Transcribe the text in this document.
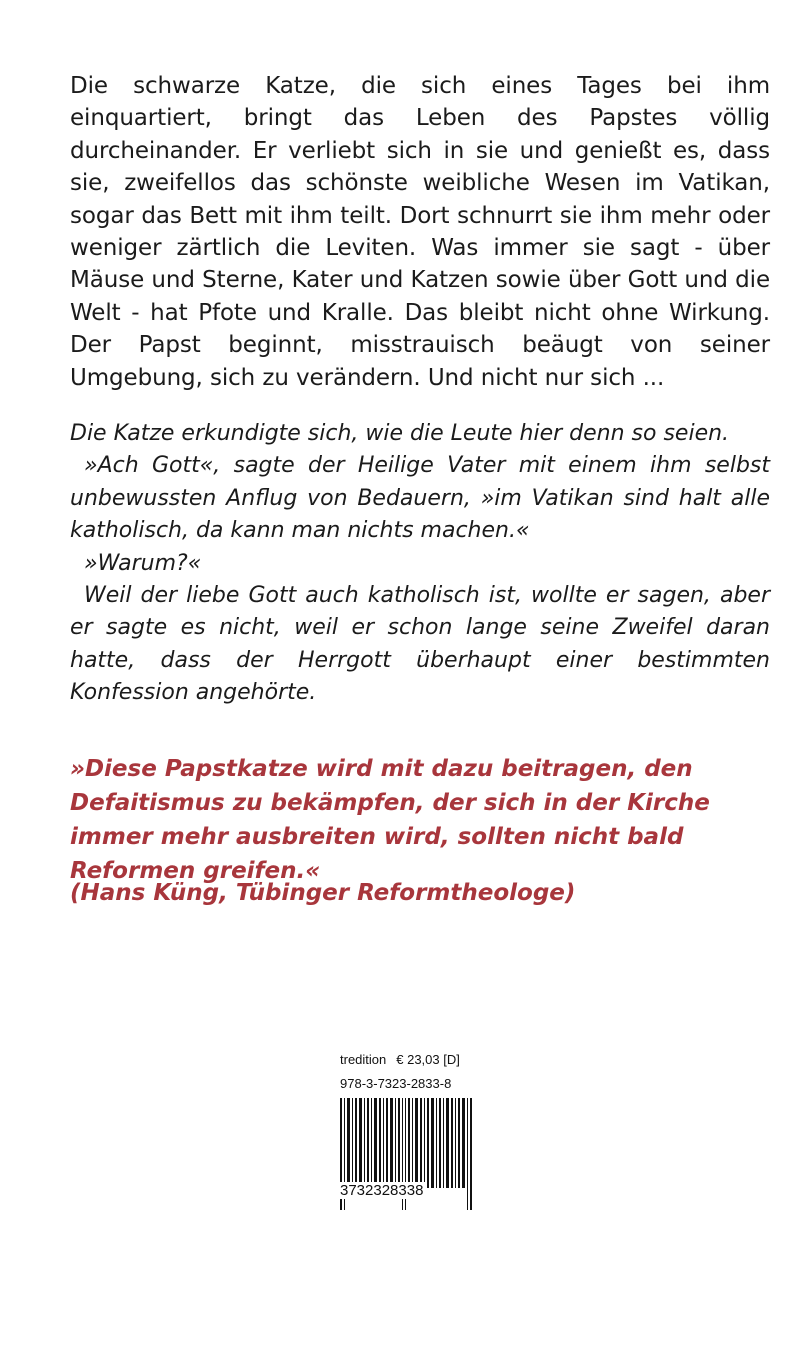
Die schwarze Katze, die sich eines Tages bei ihm einquartiert, bringt das Leben des Papstes völlig durcheinander. Er verliebt sich in sie und genießt es, dass sie, zweifellos das schönste weibliche Wesen im Vatikan, sogar das Bett mit ihm teilt. Dort schnurrt sie ihm mehr oder weniger zärtlich die Leviten. Was immer sie sagt - über Mäuse und Sterne, Kater und Katzen sowie über Gott und die Welt - hat Pfote und Kralle. Das bleibt nicht ohne Wirkung. Der Papst beginnt, misstrauisch beäugt von seiner Umgebung, sich zu verändern. Und nicht nur sich ...

Die Katze erkundigte sich, wie die Leute hier denn so seien.

»Ach Gott«, sagte der Heilige Vater mit einem ihm selbst unbewussten Anflug von Bedauern, »im Vatikan sind halt alle katholisch, da kann man nichts machen.«

»Warum?«

Weil der liebe Gott auch katholisch ist, wollte er sagen, aber er sagte es nicht, weil er schon lange seine Zweifel daran hatte, dass der Herrgott überhaupt einer bestimmten Konfession angehörte.

»Diese Papstkatze wird mit dazu beitragen, den Defaitismus zu bekämpfen, der sich in der Kirche immer mehr ausbreiten wird, sollten nicht bald Reformen greifen.«

(Hans Küng, Tübinger Reformtheologe)

tredition € 23,03 [D]
978-3-7323-2833-8
3732328338
